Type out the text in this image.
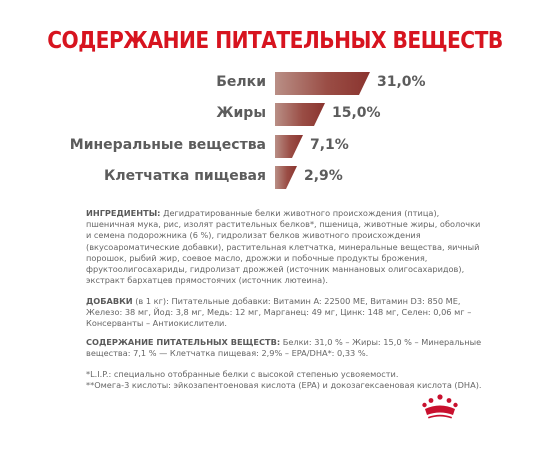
СОДЕРЖАНИЕ ПИТАТЕЛЬНЫХ ВЕЩЕСТВ
Белки	31,0%
Жиры	15,0%
Минеральные вещества	7,1%
Клетчатка пищевая	2,9%

ИНГРЕДИЕНТЫ: Дегидратированные белки животного происхождения (птица), пшеничная мука, рис, изолят растительных белков*, пшеница, животные жиры, оболочки и семена подорожника (6 %), гидролизат белков животного происхождения (вкусоароматические добавки), растительная клетчатка, минеральные вещества, яичный порошок, рыбий жир, соевое масло, дрожжи и побочные продукты брожения, фруктоолигосахариды, гидролизат дрожжей (источник маннановых олигосахаридов), экстракт бархатцев прямостоячих (источник лютеина).

ДОБАВКИ (в 1 кг): Питательные добавки: Витамин A: 22500 МЕ, Витамин D3: 850 МЕ, Железо: 38 мг, Йод: 3,8 мг, Медь: 12 мг, Марганец: 49 мг, Цинк: 148 мг, Селен: 0,06 мг – Консерванты – Антиокислители.

СОДЕРЖАНИЕ ПИТАТЕЛЬНЫХ ВЕЩЕСТВ: Белки: 31,0 % – Жиры: 15,0 % – Минеральные вещества: 7,1 % — Клетчатка пищевая: 2,9% – EPA/DHA*: 0,33 %.

*L.I.P.: специально отобранные белки с высокой степенью усвояемости.
**Омега-3 кислоты: эйкозапентоеновая кислота (EPA) и докозагексаеновая кислота (DHA).
